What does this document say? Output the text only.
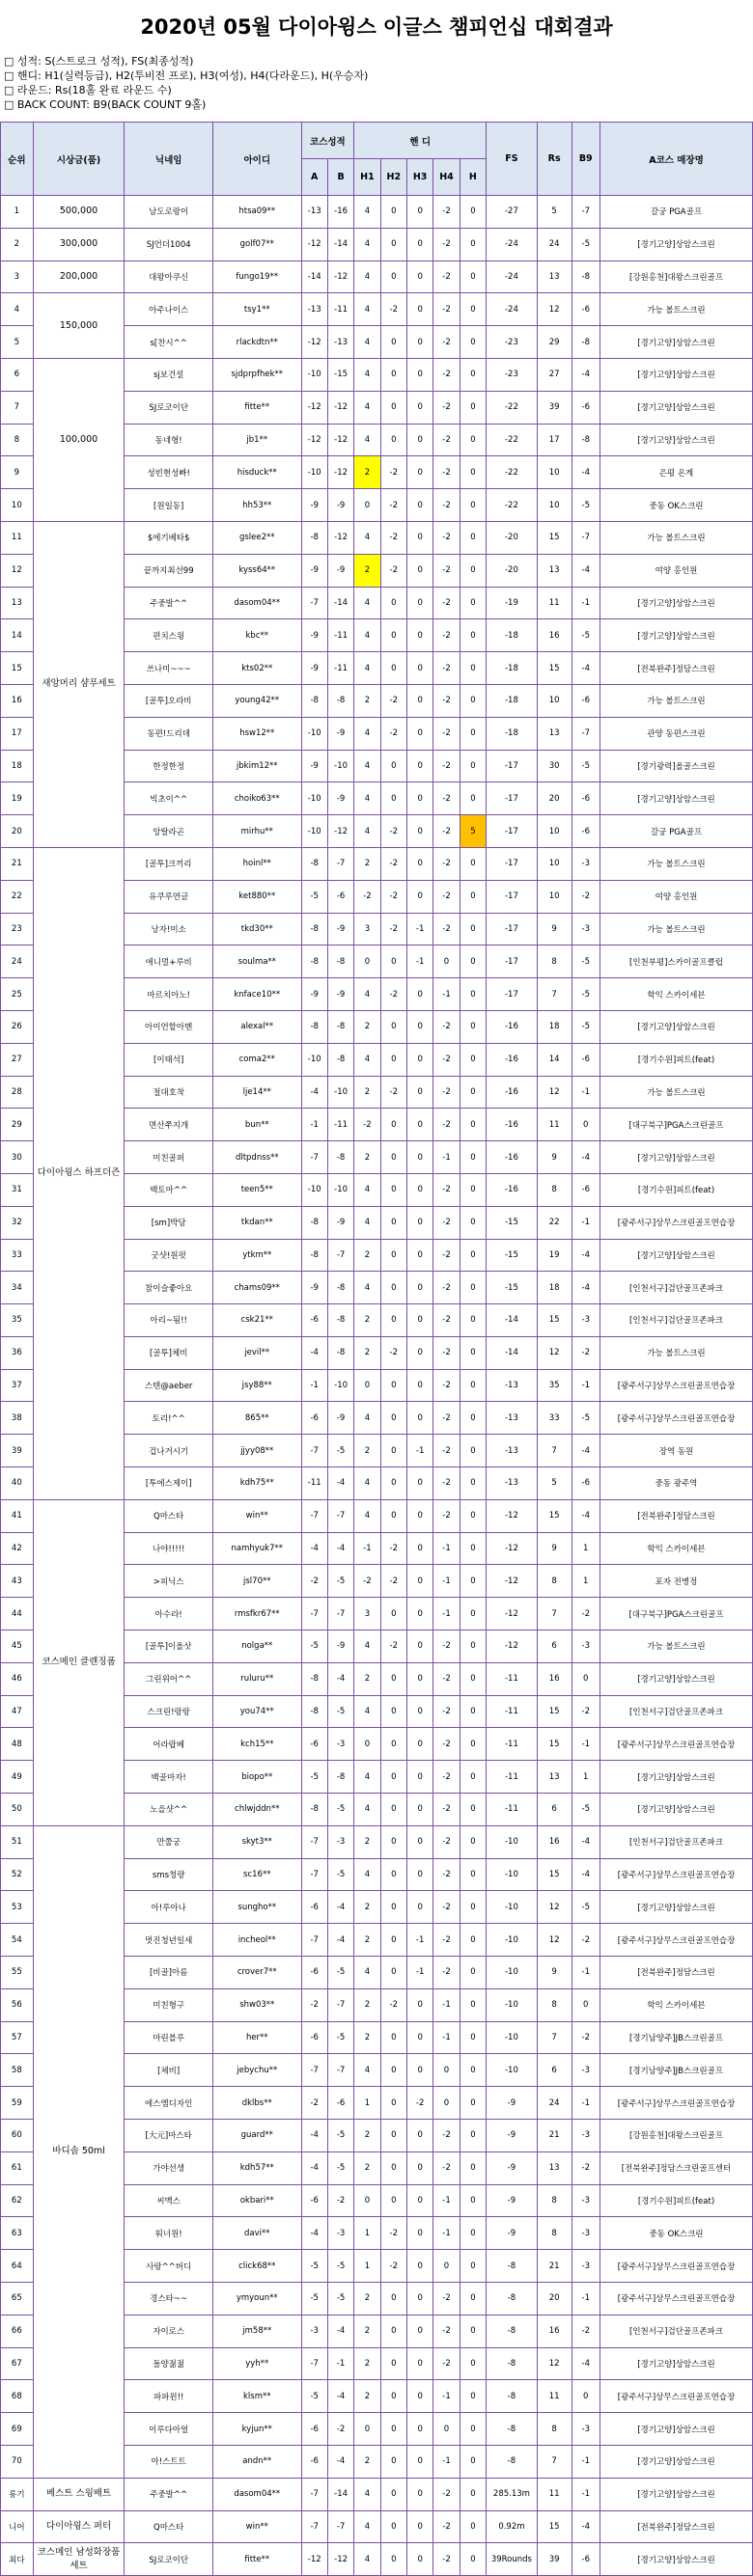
2020년 05월 다이아윙스 이글스 챔피언십 대회결과
□ 성적: S(스트로크 성적), FS(최종성적)
□ 핸디: H1(실력등급), H2(투비전 프로), H3(여성), H4(다라운드), H(우승자)
□ 라운드: Rs(18홀 완료 라운드 수)
□ BACK COUNT: B9(BACK COUNT 9홀)
순위	시상금(품)	닉네임	아이디	코스성적		핸 디					FS	Rs	B9	A코스 매장명
				A	B	H1	H2	H3	H4	H				
1	500,000	남도로랑이	htsa09**	-13	-16	4	0	0	-2	0	-27	5	-7	갈궁 PGA골프
2	300,000	SJ언더1004	golf07**	-12	-14	4	0	0	-2	0	-24	24	-5	[경기고양]상암스크린
3	200,000	대왕아쿠신	fungo19**	-14	-12	4	0	0	-2	0	-24	13	-8	[강원홍천]대왕스크린골프
4	150,000	아주나이스	tsy1**	-13	-11	4	-2	0	-2	0	-24	12	-6	가능 볼트스크린
5		s[찬시^^	rlackdtn**	-12	-13	4	0	0	-2	0	-23	29	-8	[경기고양]상암스크린
6	100,000	sj보건설	sjdprpfhek**	-10	-15	4	0	0	-2	0	-23	27	-4	[경기고양]상암스크린
7		SJ로코이단	fitte**	-12	-12	4	0	0	-2	0	-22	39	-6	[경기고양]상암스크린
8		동네형!	jb1**	-12	-12	4	0	0	-2	0	-22	17	-8	[경기고양]상암스크린
9		성빈현성빠!	hisduck**	-10	-12	2	-2	0	-2	0	-22	10	-4	은평 온계
10		[원일동]	hh53**	-9	-9	0	-2	0	-2	0	-22	10	-5	중동 OK스크린
11	새앙머리 샴푸세트	$에기베타$	gslee2**	-8	-12	4	-2	0	-2	0	-20	15	-7	가능 볼트스크린
12		끝까지최선99	kyss64**	-9	-9	2	-2	0	-2	0	-20	13	-4	여양 홍인원
13		주중발^^	dasom04**	-7	-14	4	0	0	-2	0	-19	11	-1	[경기고양]상암스크린
14		편치스윙	kbc**	-9	-11	4	0	0	-2	0	-18	16	-5	[경기고양]상암스크린
15		쓰나미~~~	kts02**	-9	-11	4	0	0	-2	0	-18	15	-4	[전북완주]정담스크린
16		[골투]오라비	young42**	-8	-8	2	-2	0	-2	0	-18	10	-6	가능 볼트스크린
17		동편!드리데	hsw12**	-10	-9	4	-2	0	-2	0	-18	13	-7	관양 동편스크린
18		한정한정	jbkim12**	-9	-10	4	0	0	-2	0	-17	30	-5	[경기광력]올골스크린
19		빅초이^^	choiko63**	-10	-9	4	0	0	-2	0	-17	20	-6	[경기고양]상암스크린
20		앙탈라곤	mirhu**	-10	-12	4	-2	0	-2	5	-17	10	-6	갈궁 PGA골프
21	다이아윙스 하프더즌	[골투]크끼리	hoinl**	-8	-7	2	-2	0	-2	0	-17	10	-3	가능 볼트스크린
22		유쿠루연글	ket880**	-5	-6	-2	-2	0	-2	0	-17	10	-2	여양 홍인원
23		낭자!미소	tkd30**	-8	-9	3	-2	-1	-2	0	-17	9	-3	가능 볼트스크린
24		애니멀+루비	soulma**	-8	-8	0	0	-1	0	0	-17	8	-5	[인천부평]스카이골프클럽
25		마르치아노!	knface10**	-9	-9	4	-2	0	-1	0	-17	7	-5	학익 스카이세븐
26		아이언할아멘	alexal**	-8	-8	2	0	0	-2	0	-16	18	-5	[경기고양]상암스크린
27		[이태석]	coma2**	-10	-8	4	0	0	-2	0	-16	14	-6	[경기수원]피트(feat)
28		절대호착	lje14**	-4	-10	2	-2	0	-2	0	-16	12	-1	가능 볼트스크린
29		면산쭈지개	bun**	-1	-11	-2	0	0	-2	0	-16	11	0	[대구북구]PGA스크린골프
30		미친골퍼	dltpdnss**	-7	-8	2	0	0	-1	0	-16	9	-4	[경기고양]상암스크린
31		백토마^^	teen5**	-10	-10	4	0	0	-2	0	-16	8	-6	[경기수원]피트(feat)
32		[sm]박담	tkdan**	-8	-9	4	0	0	-2	0	-15	22	-1	[광주서구]상무스크린골프연습장
33		굿샷!원펏	ytkm**	-8	-7	2	0	0	-2	0	-15	19	-4	[경기고양]상암스크린
34		참이슬좋아요	chams09**	-9	-8	4	0	0	-2	0	-15	18	-4	[인천서구]검단골프존파크
35		아리~됨!!	csk21**	-6	-8	2	0	0	-2	0	-14	15	-3	[인천서구]검단골프존파크
36		[골투]체비	jevil**	-4	-8	2	-2	0	-2	0	-14	12	-2	가능 볼트스크린
37		스텐@aeber	jsy88**	-1	-10	0	0	0	-2	0	-13	35	-1	[광주서구]상무스크린골프연습장
38		토리!^^	865**	-6	-9	4	0	0	-2	0	-13	33	-5	[광주서구]상무스크린골프연습장
39		겁나거시기	jjyy08**	-7	-5	2	0	-1	-2	0	-13	7	-4	장역 동원
40		[투에스제이]	kdh75**	-11	-4	4	0	0	-2	0	-13	5	-6	중동 광주역
41	코스메인 클렌징폼	Q마스타	win**	-7	-7	4	0	0	-2	0	-12	15	-4	[전북완주]정담스크린
42		나야!!!!!	namhyuk7**	-4	-4	-1	-2	0	-1	0	-12	9	1	학익 스카이세븐
43		>피닉스	jsl70**	-2	-5	-2	-2	0	-1	0	-12	8	1	포자 전병정
44		아수라!	rmsfkr67**	-7	-7	3	0	0	-1	0	-12	7	-2	[대구북구]PGA스크린골프
45		[골투]이올삿	nolga**	-5	-9	4	-2	0	-2	0	-12	6	-3	가능 볼트스크린
46		그린위어^^	ruluru**	-8	-4	2	0	0	-2	0	-11	16	0	[경기고양]상암스크린
47		스크린!랑랑	you74**	-8	-5	4	0	0	-2	0	-11	15	-2	[인천서구]검단골프존파크
48		어라랍베	kch15**	-6	-3	0	0	0	-2	0	-11	15	-1	[광주서구]상무스크린골프연습장
49		백골마자!	biopo**	-5	-8	4	0	0	-2	0	-11	13	1	[경기고양]상암스크린
50		노을샷^^	chlwjddn**	-8	-5	4	0	0	-2	0	-11	6	-5	[경기고양]상암스크린
51	바디솝 50ml	만쭐궁	skyt3**	-7	-3	2	0	0	-2	0	-10	16	-4	[인천서구]검단골프존파크
52		sms청량	sc16**	-7	-5	4	0	0	-2	0	-10	15	-4	[광주서구]상무스크린골프연습장
53		아!루아나	sungho**	-6	-4	2	0	0	-2	0	-10	12	-5	[경기고양]상암스크린
54		멋진청년일세	incheol**	-7	-4	2	0	-1	-2	0	-10	12	-2	[광주서구]상무스크린골프연습장
55		[비골]아름	crover7**	-6	-5	4	0	-1	-2	0	-10	9	-1	[전북완주]정담스크린
56		미친형구	shw03**	-2	-7	2	-2	0	-1	0	-10	8	0	학익 스카이세븐
57		마린블루	her**	-6	-5	2	0	0	-1	0	-10	7	-2	[경기남양주]JB스크린골프
58		[체비]	jebychu**	-7	-7	4	0	0	0	0	-10	6	-3	[경기남양주]JB스크린골프
59		에스엠디자인	dklbs**	-2	-6	1	0	-2	0	0	-9	24	-1	[광주서구]상무스크린골프연습장
60		[大元]마스타	guard**	-4	-5	2	0	0	-2	0	-9	21	-3	[강원홍천]대왕스크린골프
61		가야선생	kdh57**	-4	-5	2	0	0	-2	0	-9	13	-2	[전북완주]정담스크린골프센터
62		씨맥스	okbari**	-6	-2	0	0	0	-1	0	-9	8	-3	[경기수원]피트(feat)
63		워너원!	davi**	-4	-3	1	-2	0	-1	0	-9	8	-3	중동 OK스크린
64		사랑^^버디	click68**	-5	-5	1	-2	0	0	0	-8	21	-3	[광주서구]상무스크린골프연습장
65		경스타~~	ymyoun**	-5	-5	2	0	0	-2	0	-8	20	-1	[광주서구]상무스크린골프연습장
66		자이로스	jm58**	-3	-4	2	0	0	-2	0	-8	16	-2	[인천서구]검단골프존파크
67		돌양젊젊	yyh**	-7	-1	2	0	0	-2	0	-8	12	-4	[경기고양]상암스크린
68		파파윈!!	klsm**	-5	-4	2	0	0	-1	0	-8	11	0	[광주서구]상무스크린골프연습장
69		이루다아얼	kyjun**	-6	-2	0	0	0	0	0	-8	8	-3	[경기고양]상암스크린
70		아!스트트	andn**	-6	-4	2	0	0	-1	0	-8	7	-1	[경기고양]상암스크린
롱기	베스트 스윙배트	주중발^^	dasom04**	-7	-14	4	0	0	-2	0	285.13m	11	-1	[경기고양]상암스크린
니어	다이아윙스 퍼터	Q마스타	win**	-7	-7	4	0	0	-2	0	0.92m	15	-4	[전북완주]정담스크린
최다	코스메인 남성화장품세트	SJ로코이단	fitte**	-12	-12	4	0	0	-2	0	39Rounds	39	-6	[경기고양]상암스크린
